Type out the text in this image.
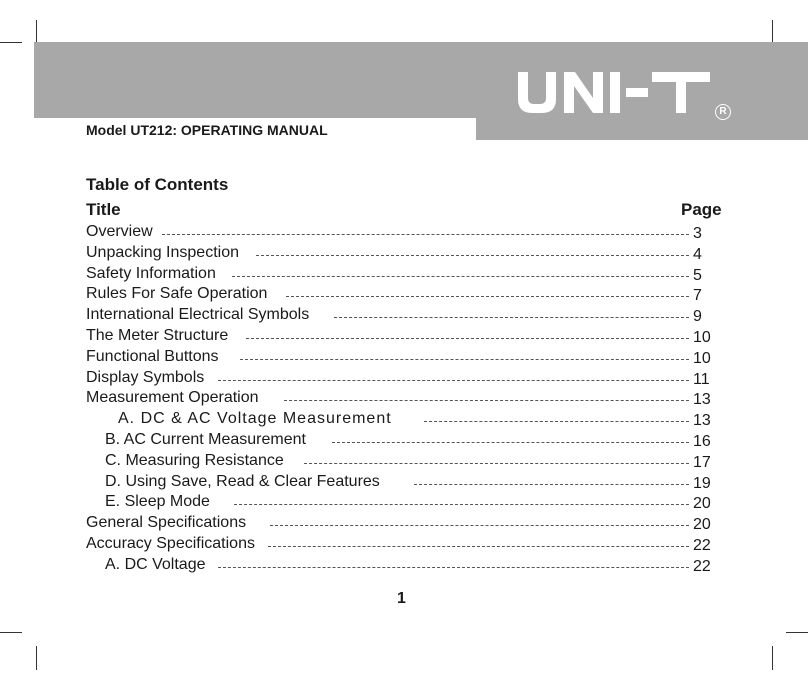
R
Model UT212: OPERATING MANUAL
Table of Contents
Title	Page
Overview	3
Unpacking Inspection	4
Safety Information	5
Rules For Safe Operation	7
International Electrical Symbols	9
The Meter Structure	10
Functional Buttons	10
Display Symbols	11
Measurement Operation	13
A. DC & AC Voltage Measurement	13
B. AC Current Measurement	16
C. Measuring Resistance	17
D. Using Save, Read & Clear Features	19
E. Sleep Mode	20
General Specifications	20
Accuracy Specifications	22
A. DC Voltage	22
1
